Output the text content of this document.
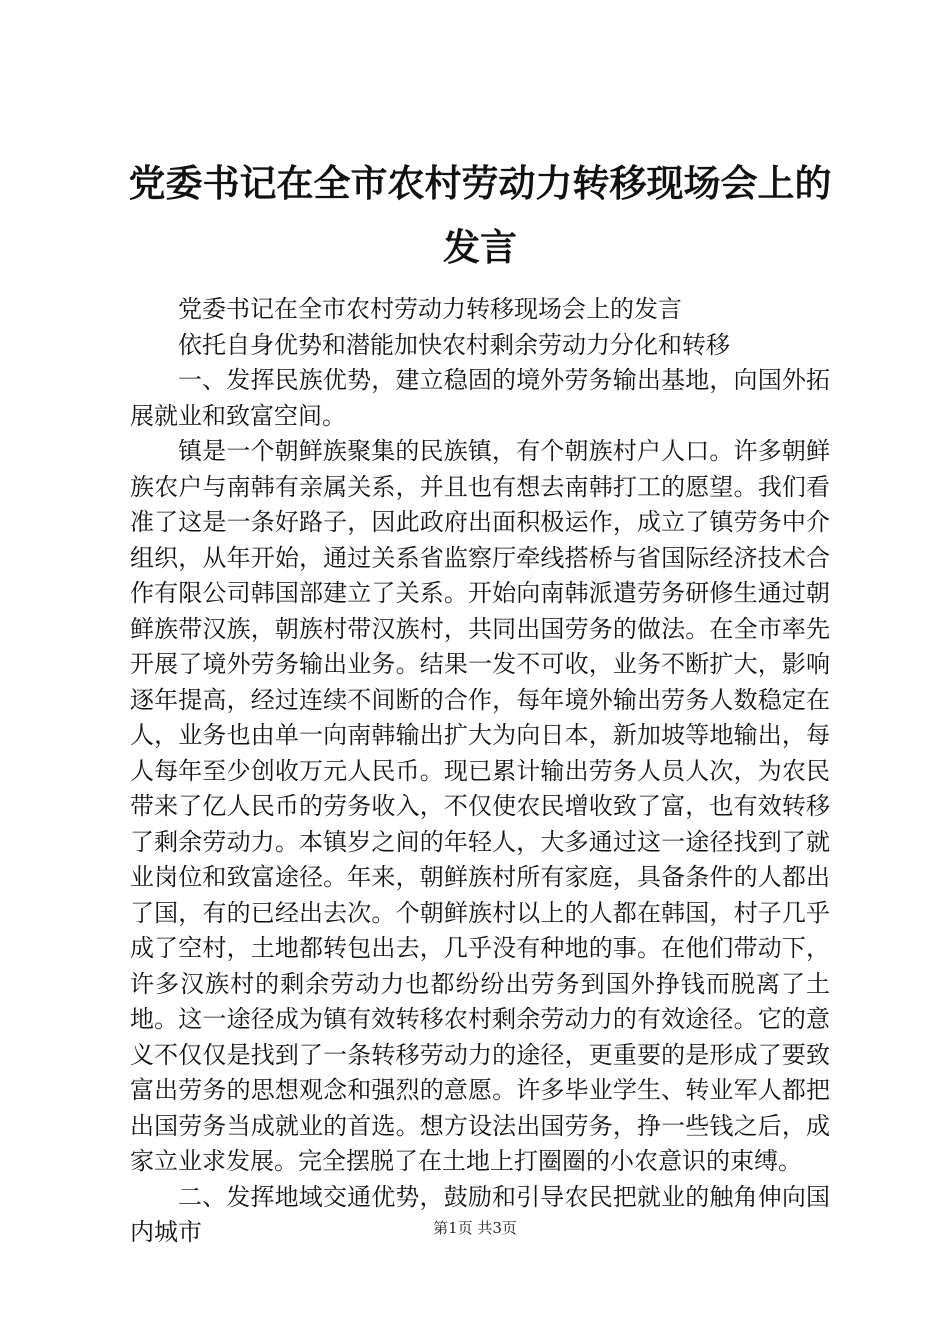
党委书记在全市农村劳动力转移现场会上的发言

党委书记在全市农村劳动力转移现场会上的发言

依托自身优势和潜能加快农村剩余劳动力分化和转移

一、发挥民族优势，建立稳固的境外劳务输出基地，向国外拓展就业和致富空间。

镇是一个朝鲜族聚集的民族镇，有个朝族村户人口。许多朝鲜族农户与南韩有亲属关系，并且也有想去南韩打工的愿望。我们看准了这是一条好路子，因此政府出面积极运作，成立了镇劳务中介组织，从年开始，通过关系省监察厅牵线搭桥与省国际经济技术合作有限公司韩国部建立了关系。开始向南韩派遣劳务研修生通过朝鲜族带汉族，朝族村带汉族村，共同出国劳务的做法。在全市率先开展了境外劳务输出业务。结果一发不可收，业务不断扩大，影响逐年提高，经过连续不间断的合作，每年境外输出劳务人数稳定在人，业务也由单一向南韩输出扩大为向日本，新加坡等地输出，每人每年至少创收万元人民币。现已累计输出劳务人员人次，为农民带来了亿人民币的劳务收入，不仅使农民增收致了富，也有效转移了剩余劳动力。本镇岁之间的年轻人，大多通过这一途径找到了就业岗位和致富途径。年来，朝鲜族村所有家庭，具备条件的人都出了国，有的已经出去次。个朝鲜族村以上的人都在韩国，村子几乎成了空村，土地都转包出去，几乎没有种地的事。在他们带动下，许多汉族村的剩余劳动力也都纷纷出劳务到国外挣钱而脱离了土地。这一途径成为镇有效转移农村剩余劳动力的有效途径。它的意义不仅仅是找到了一条转移劳动力的途径，更重要的是形成了要致富出劳务的思想观念和强烈的意愿。许多毕业学生、转业军人都把出国劳务当成就业的首选。想方设法出国劳务，挣一些钱之后，成家立业求发展。完全摆脱了在土地上打圈圈的小农意识的束缚。

二、发挥地域交通优势，鼓励和引导农民把就业的触角伸向国内城市	第1页 共3页
